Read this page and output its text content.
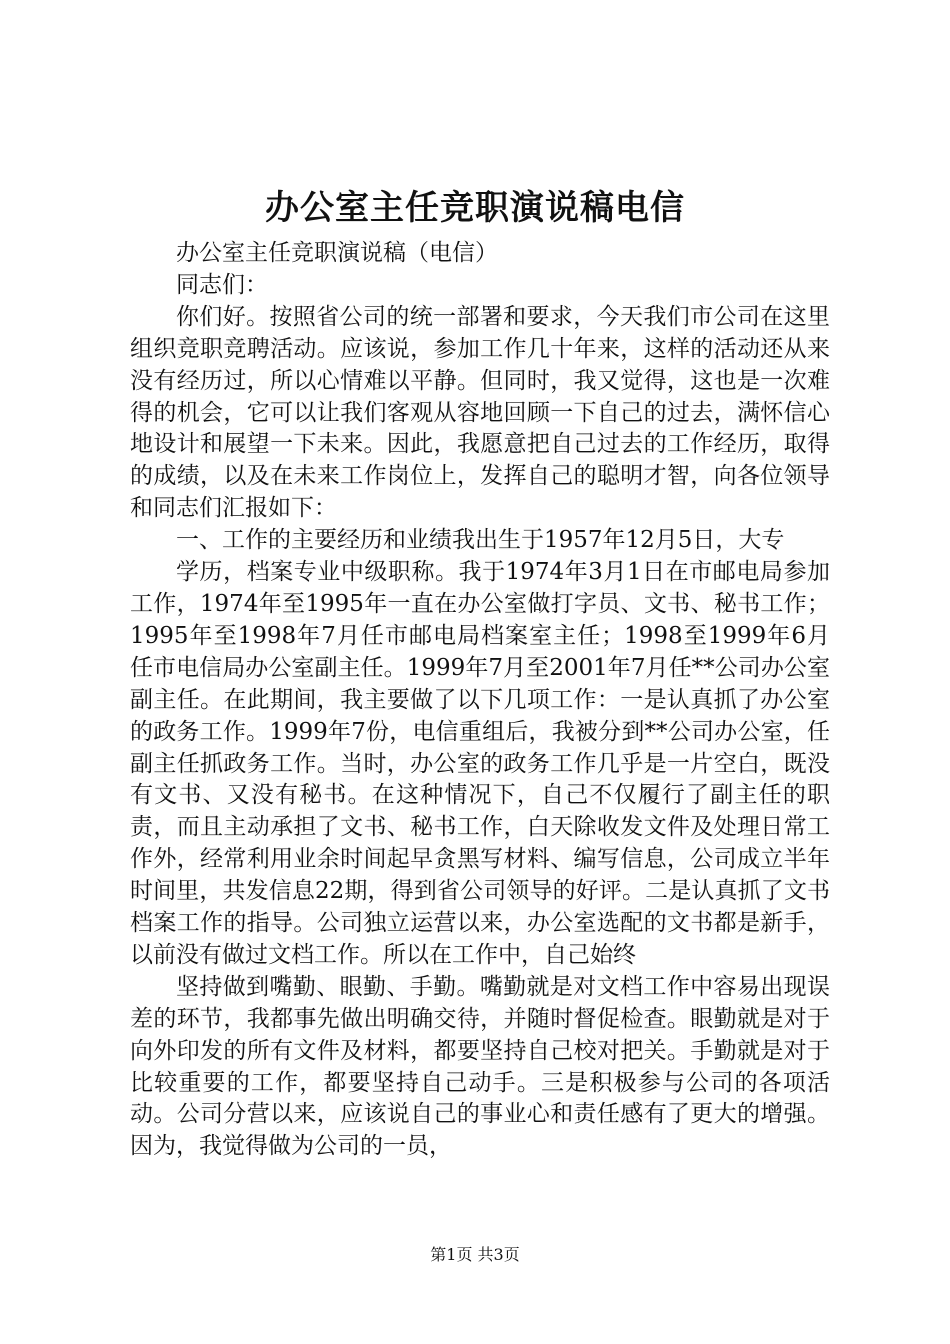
办公室主任竞职演说稿电信

办公室主任竞职演说稿（电信）

同志们：

你们好。按照省公司的统一部署和要求，今天我们市公司在这里组织竞职竞聘活动。应该说，参加工作几十年来，这样的活动还从来没有经历过，所以心情难以平静。但同时，我又觉得，这也是一次难得的机会，它可以让我们客观从容地回顾一下自己的过去，满怀信心地设计和展望一下未来。因此，我愿意把自己过去的工作经历，取得的成绩，以及在未来工作岗位上，发挥自己的聪明才智，向各位领导和同志们汇报如下：

一、工作的主要经历和业绩我出生于1957年12月5日，大专

学历，档案专业中级职称。我于1974年3月1日在市邮电局参加工作，1974年至1995年一直在办公室做打字员、文书、秘书工作；1995年至1998年7月任市邮电局档案室主任；1998至1999年6月任市电信局办公室副主任。1999年7月至2001年7月任**公司办公室副主任。在此期间，我主要做了以下几项工作：一是认真抓了办公室的政务工作。1999年7份，电信重组后，我被分到**公司办公室，任副主任抓政务工作。当时，办公室的政务工作几乎是一片空白，既没有文书、又没有秘书。在这种情况下，自己不仅履行了副主任的职责，而且主动承担了文书、秘书工作，白天除收发文件及处理日常工作外，经常利用业余时间起早贪黑写材料、编写信息，公司成立半年时间里，共发信息22期，得到省公司领导的好评。二是认真抓了文书档案工作的指导。公司独立运营以来，办公室选配的文书都是新手，以前没有做过文档工作。所以在工作中，自己始终

坚持做到嘴勤、眼勤、手勤。嘴勤就是对文档工作中容易出现误差的环节，我都事先做出明确交待，并随时督促检查。眼勤就是对于向外印发的所有文件及材料，都要坚持自己校对把关。手勤就是对于比较重要的工作，都要坚持自己动手。三是积极参与公司的各项活动。公司分营以来，应该说自己的事业心和责任感有了更大的增强。因为，我觉得做为公司的一员，

第1页 共3页
